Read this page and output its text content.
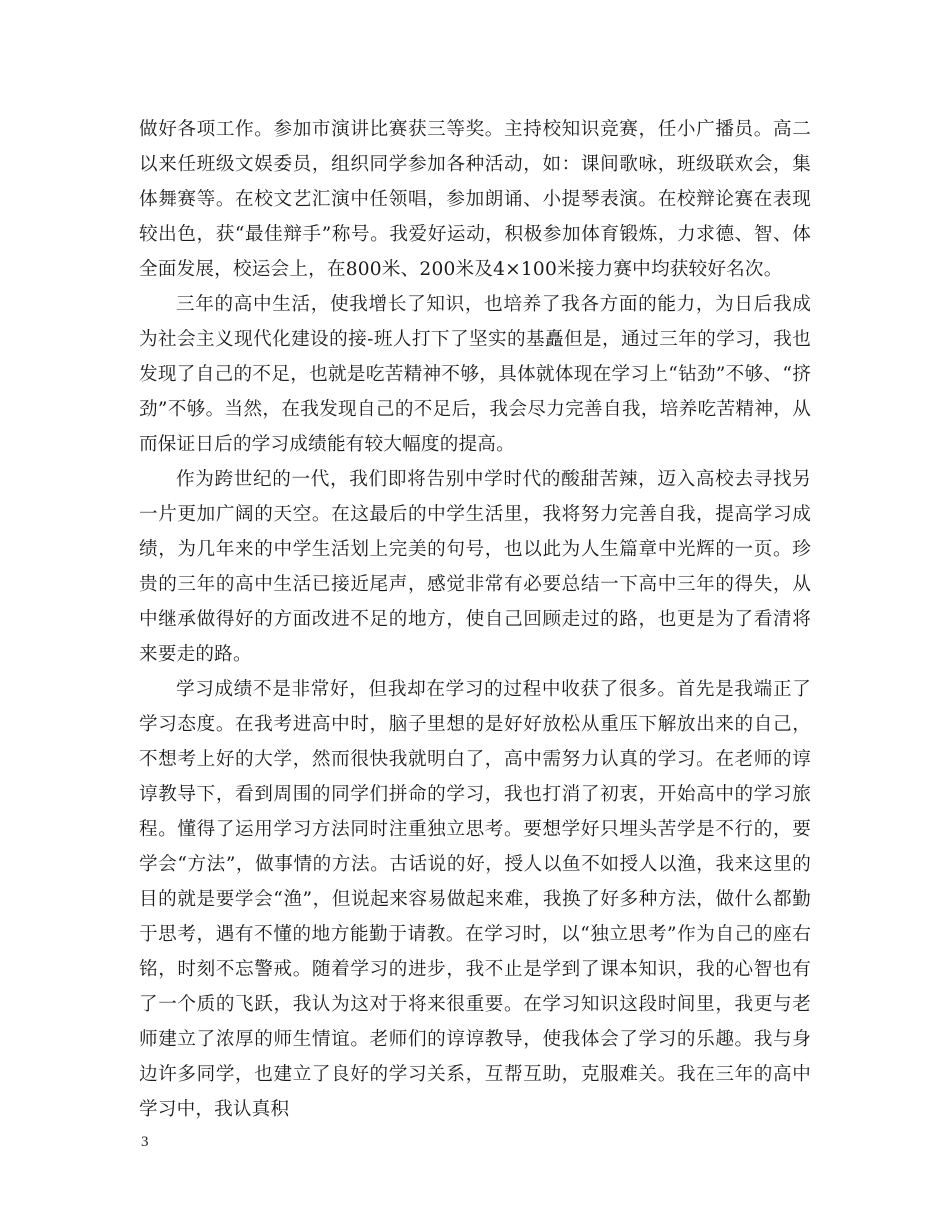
做好各项工作。参加市演讲比赛获三等奖。主持校知识竞赛，任小广播员。高二以来任班级文娱委员，组织同学参加各种活动，如：课间歌咏，班级联欢会，集体舞赛等。在校文艺汇演中任领唱，参加朗诵、小提琴表演。在校辩论赛在表现较出色，获“最佳辩手”称号。我爱好运动，积极参加体育锻炼，力求德、智、体全面发展，校运会上，在800米、200米及4×100米接力赛中均获较好名次。

三年的高中生活，使我增长了知识，也培养了我各方面的能力，为日后我成为社会主义现代化建设的接-班人打下了坚实的基矗但是，通过三年的学习，我也发现了自己的不足，也就是吃苦精神不够，具体就体现在学习上“钻劲”不够、“挤劲”不够。当然，在我发现自己的不足后，我会尽力完善自我，培养吃苦精神，从而保证日后的学习成绩能有较大幅度的提高。

作为跨世纪的一代，我们即将告别中学时代的酸甜苦辣，迈入高校去寻找另一片更加广阔的天空。在这最后的中学生活里，我将努力完善自我，提高学习成绩，为几年来的中学生活划上完美的句号，也以此为人生篇章中光辉的一页。珍贵的三年的高中生活已接近尾声，感觉非常有必要总结一下高中三年的得失，从中继承做得好的方面改进不足的地方，使自己回顾走过的路，也更是为了看清将来要走的路。

学习成绩不是非常好，但我却在学习的过程中收获了很多。首先是我端正了学习态度。在我考进高中时，脑子里想的是好好放松从重压下解放出来的自己，不想考上好的大学，然而很快我就明白了，高中需努力认真的学习。在老师的谆谆教导下，看到周围的同学们拼命的学习，我也打消了初衷，开始高中的学习旅程。懂得了运用学习方法同时注重独立思考。要想学好只埋头苦学是不行的，要学会“方法”，做事情的方法。古话说的好，授人以鱼不如授人以渔，我来这里的目的就是要学会“渔”，但说起来容易做起来难，我换了好多种方法，做什么都勤于思考，遇有不懂的地方能勤于请教。在学习时，以“独立思考”作为自己的座右铭，时刻不忘警戒。随着学习的进步，我不止是学到了课本知识，我的心智也有了一个质的飞跃，我认为这对于将来很重要。在学习知识这段时间里，我更与老师建立了浓厚的师生情谊。老师们的谆谆教导，使我体会了学习的乐趣。我与身边许多同学，也建立了良好的学习关系，互帮互助，克服难关。我在三年的高中学习中，我认真积

3
